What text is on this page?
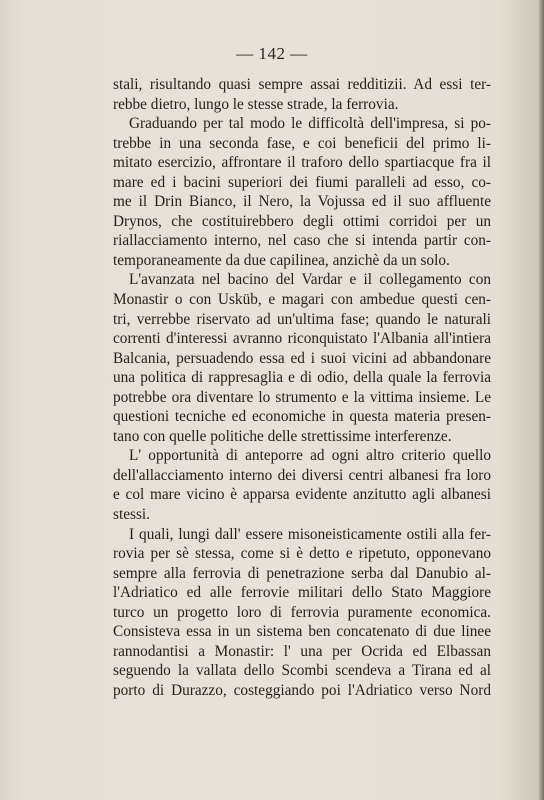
— 142 —
stali, risultando quasi sempre assai redditizii. Ad essi ter-
rebbe dietro, lungo le stesse strade, la ferrovia.
Graduando per tal modo le difficoltà dell'impresa, si po-
trebbe in una seconda fase, e coi beneficii del primo li-
mitato esercizio, affrontare il traforo dello spartiacque fra il
mare ed i bacini superiori dei fiumi paralleli ad esso, co-
me il Drin Bianco, il Nero, la Vojussa ed il suo affluente
Drynos, che costituirebbero degli ottimi corridoi per un
riallacciamento interno, nel caso che si intenda partir con-
temporaneamente da due capilinea, anzichè da un solo.
L'avanzata nel bacino del Vardar e il collegamento con
Monastir o con Usküb, e magari con ambedue questi cen-
tri, verrebbe riservato ad un'ultima fase; quando le naturali
correnti d'interessi avranno riconquistato l'Albania all'intiera
Balcania, persuadendo essa ed i suoi vicini ad abbandonare
una politica di rappresaglia e di odio, della quale la ferrovia
potrebbe ora diventare lo strumento e la vittima insieme. Le
questioni tecniche ed economiche in questa materia presen-
tano con quelle politiche delle strettissime interferenze.
L' opportunità di anteporre ad ogni altro criterio quello
dell'allacciamento interno dei diversi centri albanesi fra loro
e col mare vicino è apparsa evidente anzitutto agli albanesi
stessi.
I quali, lungi dall' essere misoneisticamente ostili alla fer-
rovia per sè stessa, come si è detto e ripetuto, opponevano
sempre alla ferrovia di penetrazione serba dal Danubio al-
l'Adriatico ed alle ferrovie militari dello Stato Maggiore
turco un progetto loro di ferrovia puramente economica.
Consisteva essa in un sistema ben concatenato di due linee
rannodantisi a Monastir: l' una per Ocrida ed Elbassan
seguendo la vallata dello Scombi scendeva a Tirana ed al
porto di Durazzo, costeggiando poi l'Adriatico verso Nord
